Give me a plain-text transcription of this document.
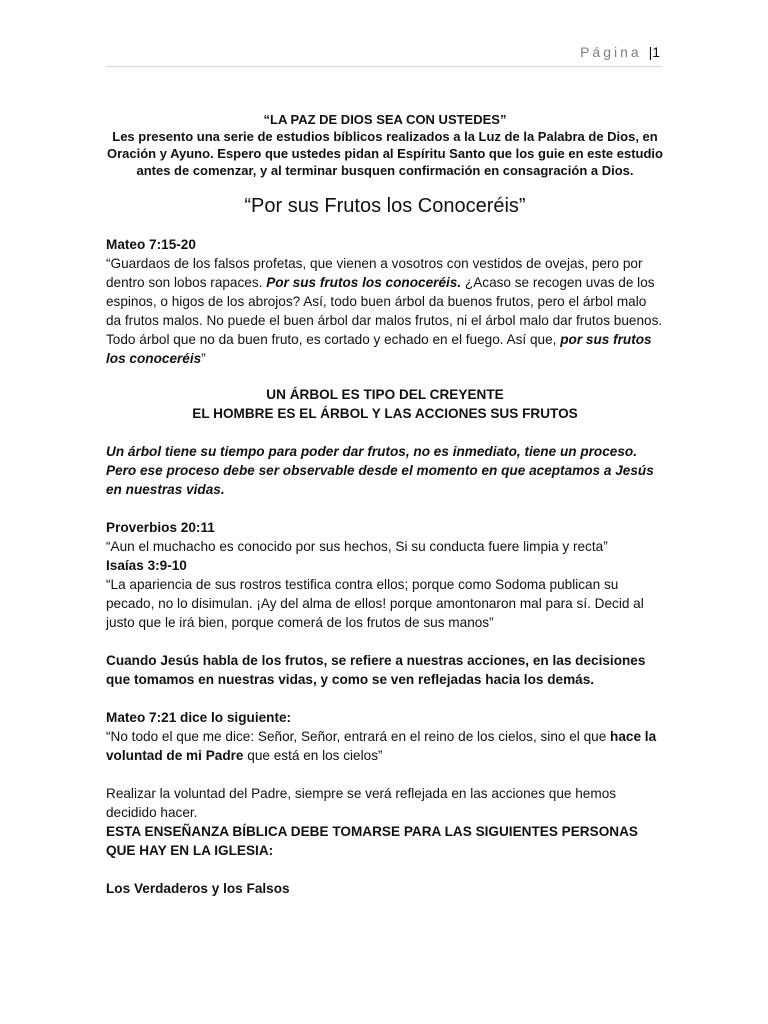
Página |1

“LA PAZ DE DIOS SEA CON USTEDES”

Les presento una serie de estudios bíblicos realizados a la Luz de la Palabra de Dios, en Oración y Ayuno. Espero que ustedes pidan al Espíritu Santo que los guie en este estudio antes de comenzar, y al terminar busquen confirmación en consagración a Dios.

“Por sus Frutos los Conoceréis”

Mateo 7:15-20

“Guardaos de los falsos profetas, que vienen a vosotros con vestidos de ovejas, pero por dentro son lobos rapaces. Por sus frutos los conoceréis. ¿Acaso se recogen uvas de los espinos, o higos de los abrojos? Así, todo buen árbol da buenos frutos, pero el árbol malo da frutos malos. No puede el buen árbol dar malos frutos, ni el árbol malo dar frutos buenos. Todo árbol que no da buen fruto, es cortado y echado en el fuego. Así que, por sus frutos los conoceréis”

UN ÁRBOL ES TIPO DEL CREYENTE

EL HOMBRE ES EL ÁRBOL Y LAS ACCIONES SUS FRUTOS

Un árbol tiene su tiempo para poder dar frutos, no es inmediato, tiene un proceso. Pero ese proceso debe ser observable desde el momento en que aceptamos a Jesús en nuestras vidas.

Proverbios 20:11

“Aun el muchacho es conocido por sus hechos, Si su conducta fuere limpia y recta”

Isaías 3:9-10

“La apariencia de sus rostros testifica contra ellos; porque como Sodoma publican su pecado, no lo disimulan. ¡Ay del alma de ellos! porque amontonaron mal para sí. Decid al justo que le irá bien, porque comerá de los frutos de sus manos”

Cuando Jesús habla de los frutos, se refiere a nuestras acciones, en las decisiones que tomamos en nuestras vidas, y como se ven reflejadas hacia los demás.

Mateo 7:21 dice lo siguiente:

“No todo el que me dice: Señor, Señor, entrará en el reino de los cielos, sino el que hace la voluntad de mi Padre que está en los cielos”

Realizar la voluntad del Padre, siempre se verá reflejada en las acciones que hemos decidido hacer.

ESTA ENSEÑANZA BÍBLICA DEBE TOMARSE PARA LAS SIGUIENTES PERSONAS QUE HAY EN LA IGLESIA:

Los Verdaderos y los Falsos
